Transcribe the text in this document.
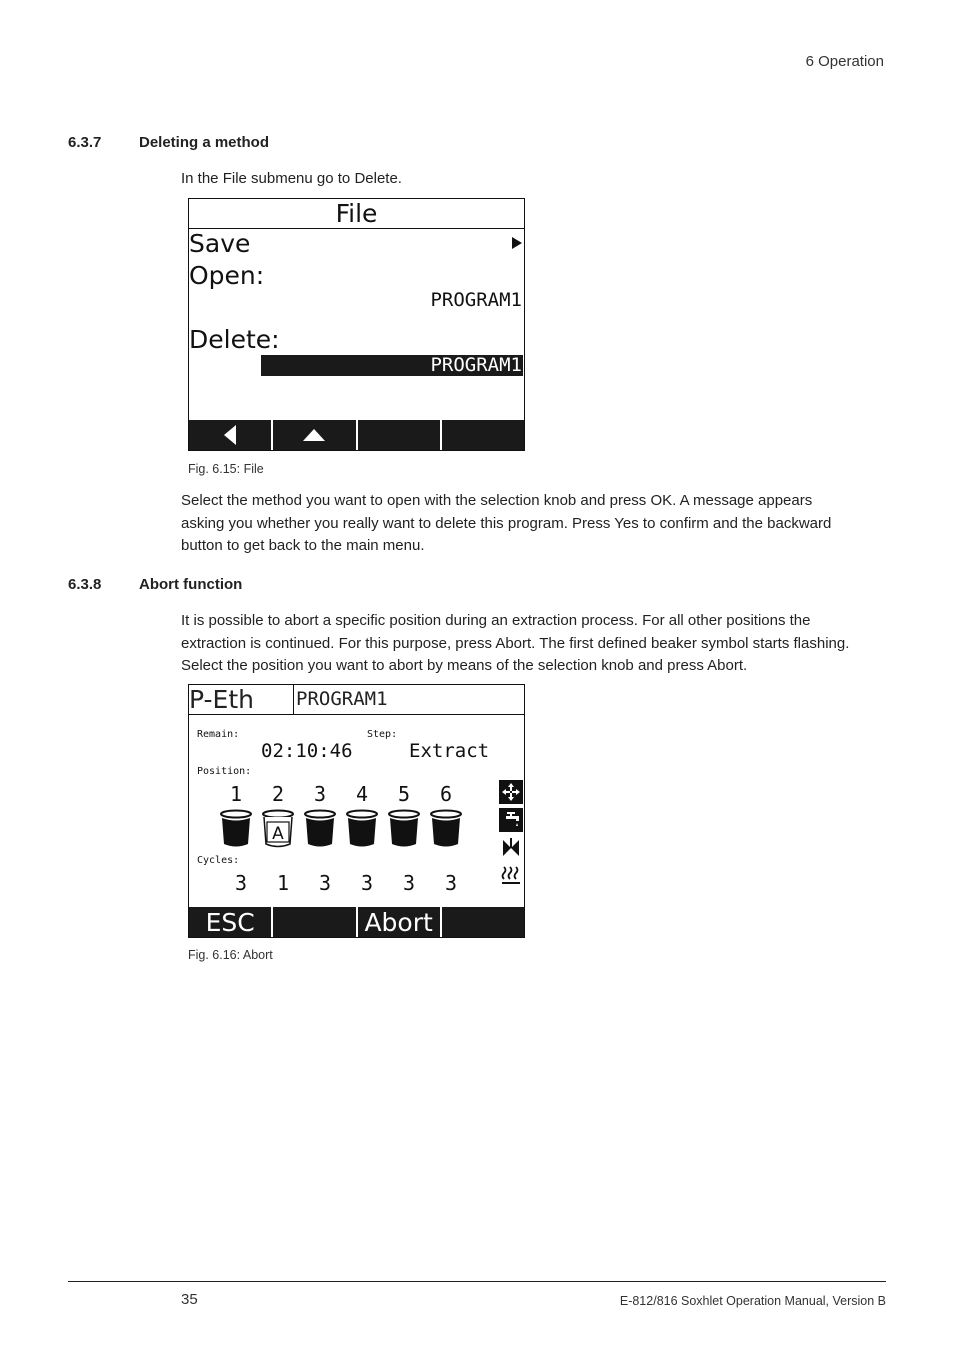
6 Operation
6.3.7	Deleting a method
In the File submenu go to Delete.
File
Save
Open:
PROGRAM1
Delete:
PROGRAM1
Fig. 6.15: File
Select the method you want to open with the selection knob and press OK. A message appears
asking you whether you really want to delete this program. Press Yes to confirm and the backward
button to get back to the main menu.
6.3.8	Abort function
It is possible to abort a specific position during an extraction process. For all other positions the
extraction is continued. For this purpose, press Abort. The first defined beaker symbol starts flashing.
Select the position you want to abort by means of the selection knob and press Abort.
P-Eth	PROGRAM1
Remain:	Step:
02:10:46	Extract
Position:
1 2 3 4 5 6
A
Cycles:
3 1 3 3 3 3
ESC	Abort
Fig. 6.16: Abort
35	E-812/816 Soxhlet Operation Manual, Version B
